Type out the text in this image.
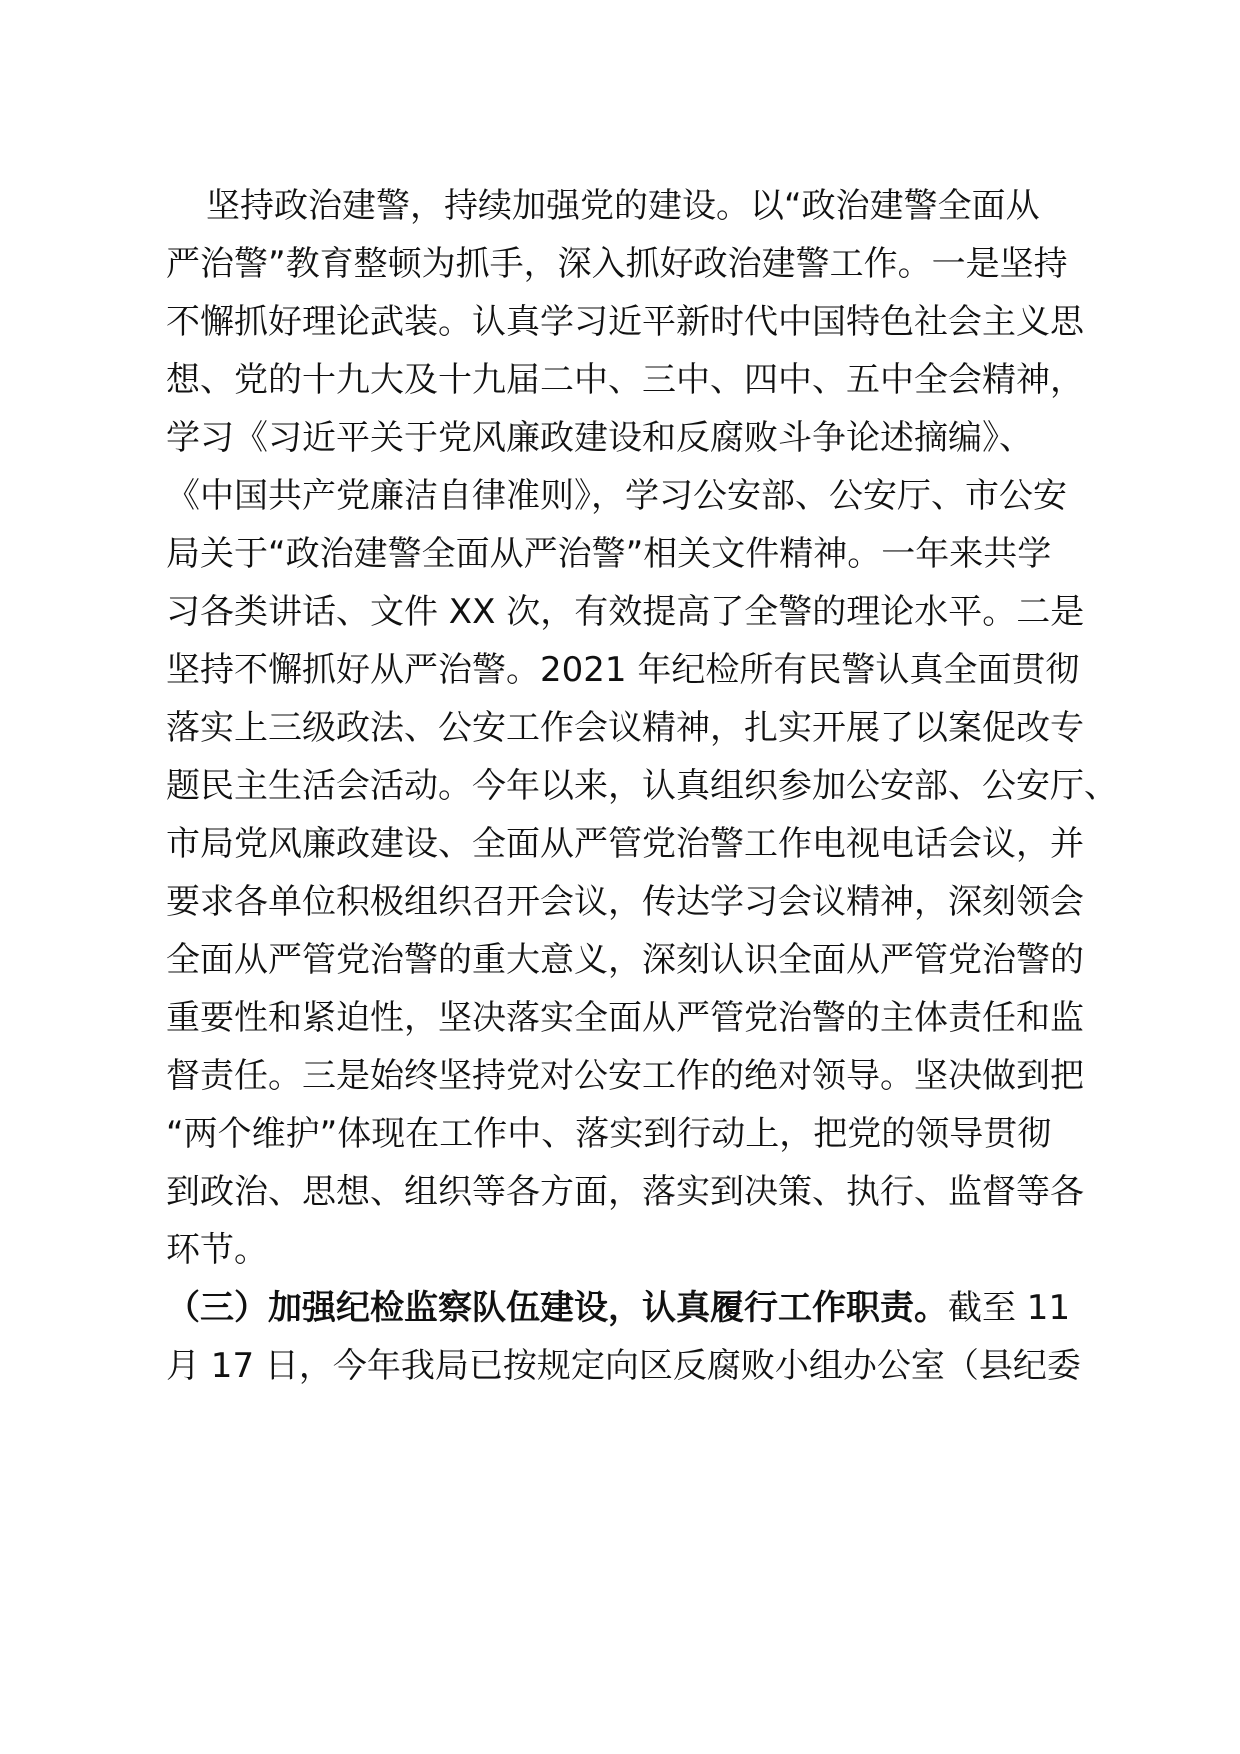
坚持政治建警，持续加强党的建设。以“政治建警全面从
严治警”教育整顿为抓手，深入抓好政治建警工作。一是坚持
不懈抓好理论武装。认真学习近平新时代中国特色社会主义思
想、党的十九大及十九届二中、三中、四中、五中全会精神，
学习《习近平关于党风廉政建设和反腐败斗争论述摘编》、
《中国共产党廉洁自律准则》，学习公安部、公安厅、市公安
局关于“政治建警全面从严治警”相关文件精神。一年来共学
习各类讲话、文件 XX 次，有效提高了全警的理论水平。二是
坚持不懈抓好从严治警。2021 年纪检所有民警认真全面贯彻
落实上三级政法、公安工作会议精神，扎实开展了以案促改专
题民主生活会活动。今年以来，认真组织参加公安部、公安厅、
市局党风廉政建设、全面从严管党治警工作电视电话会议，并
要求各单位积极组织召开会议，传达学习会议精神，深刻领会
全面从严管党治警的重大意义，深刻认识全面从严管党治警的
重要性和紧迫性，坚决落实全面从严管党治警的主体责任和监
督责任。三是始终坚持党对公安工作的绝对领导。坚决做到把
“两个维护”体现在工作中、落实到行动上，把党的领导贯彻
到政治、思想、组织等各方面，落实到决策、执行、监督等各
环节。
（三）加强纪检监察队伍建设，认真履行工作职责。截至 11
月 17 日，今年我局已按规定向区反腐败小组办公室（县纪委
